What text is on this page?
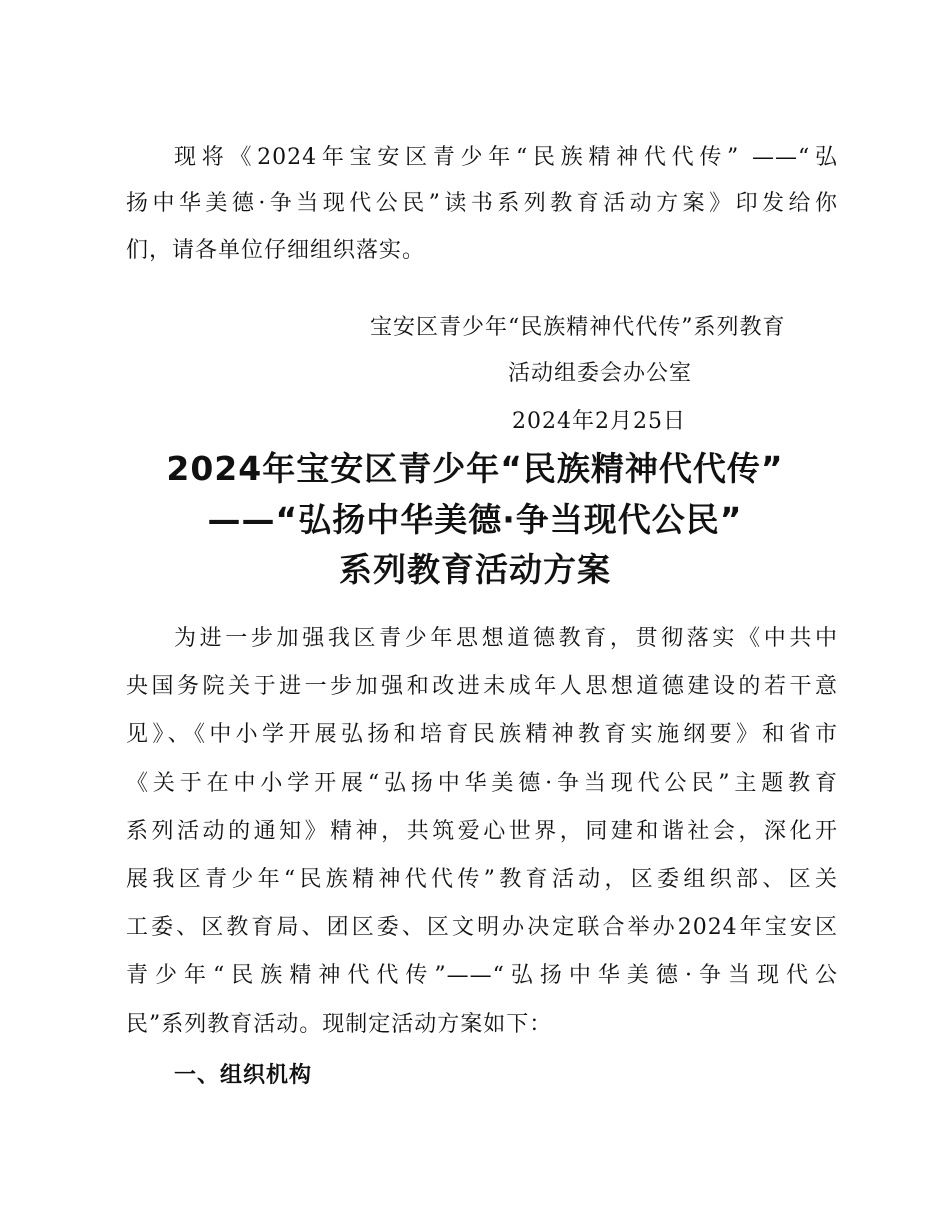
现将《2024年宝安区青少年“民族精神代代传” ——“弘
扬中华美德·争当现代公民”读书系列教育活动方案》印发给你
们，请各单位仔细组织落实。
宝安区青少年“民族精神代代传”系列教育
活动组委会办公室
2024年2月25日
2024年宝安区青少年“民族精神代代传”
——“弘扬中华美德·争当现代公民”
系列教育活动方案
为进一步加强我区青少年思想道德教育，贯彻落实《中共中
央国务院关于进一步加强和改进未成年人思想道德建设的若干意
见》、《中小学开展弘扬和培育民族精神教育实施纲要》和省市
《关于在中小学开展“弘扬中华美德·争当现代公民”主题教育
系列活动的通知》精神，共筑爱心世界，同建和谐社会，深化开
展我区青少年“民族精神代代传”教育活动，区委组织部、区关
工委、区教育局、团区委、区文明办决定联合举办2024年宝安区
青少年“民族精神代代传”——“弘扬中华美德·争当现代公
民”系列教育活动。现制定活动方案如下：
一、组织机构
